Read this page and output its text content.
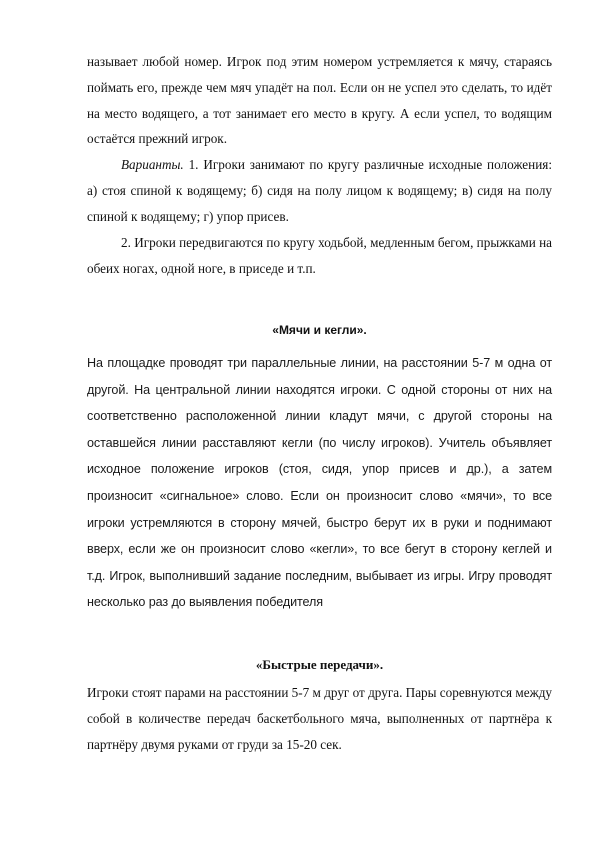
называет любой номер. Игрок под этим номером устремляется к мячу, стараясь поймать его, прежде чем мяч упадёт на пол. Если он не успел это сделать, то идёт на место водящего, а тот занимает его место в кругу. А если успел, то водящим остаётся прежний игрок.

Варианты. 1. Игроки занимают по кругу различные исходные положения: а) стоя спиной к водящему; б) сидя на полу лицом к водящему; в) сидя на полу спиной к водящему; г) упор присев.

2. Игроки передвигаются по кругу ходьбой, медленным бегом, прыжками на обеих ногах, одной ноге, в приседе и т.п.

«Мячи и кегли».

На площадке проводят три параллельные линии, на расстоянии 5-7 м одна от другой. На центральной линии находятся игроки. С одной стороны от них на соответственно расположенной линии кладут мячи, с другой стороны на оставшейся линии расставляют кегли (по числу игроков). Учитель объявляет исходное положение игроков (стоя, сидя, упор присев и др.), а затем произносит «сигнальное» слово. Если он произносит слово «мячи», то все игроки устремляются в сторону мячей, быстро берут их в руки и поднимают вверх, если же он произносит слово «кегли», то все бегут в сторону кеглей и т.д. Игрок, выполнивший задание последним, выбывает из игры. Игру проводят несколько раз до выявления победителя

«Быстрые передачи».

Игроки стоят парами на расстоянии 5-7 м друг от друга. Пары соревнуются между собой в количестве передач баскетбольного мяча, выполненных от партнёра к партнёру двумя руками от груди за 15-20 сек.
